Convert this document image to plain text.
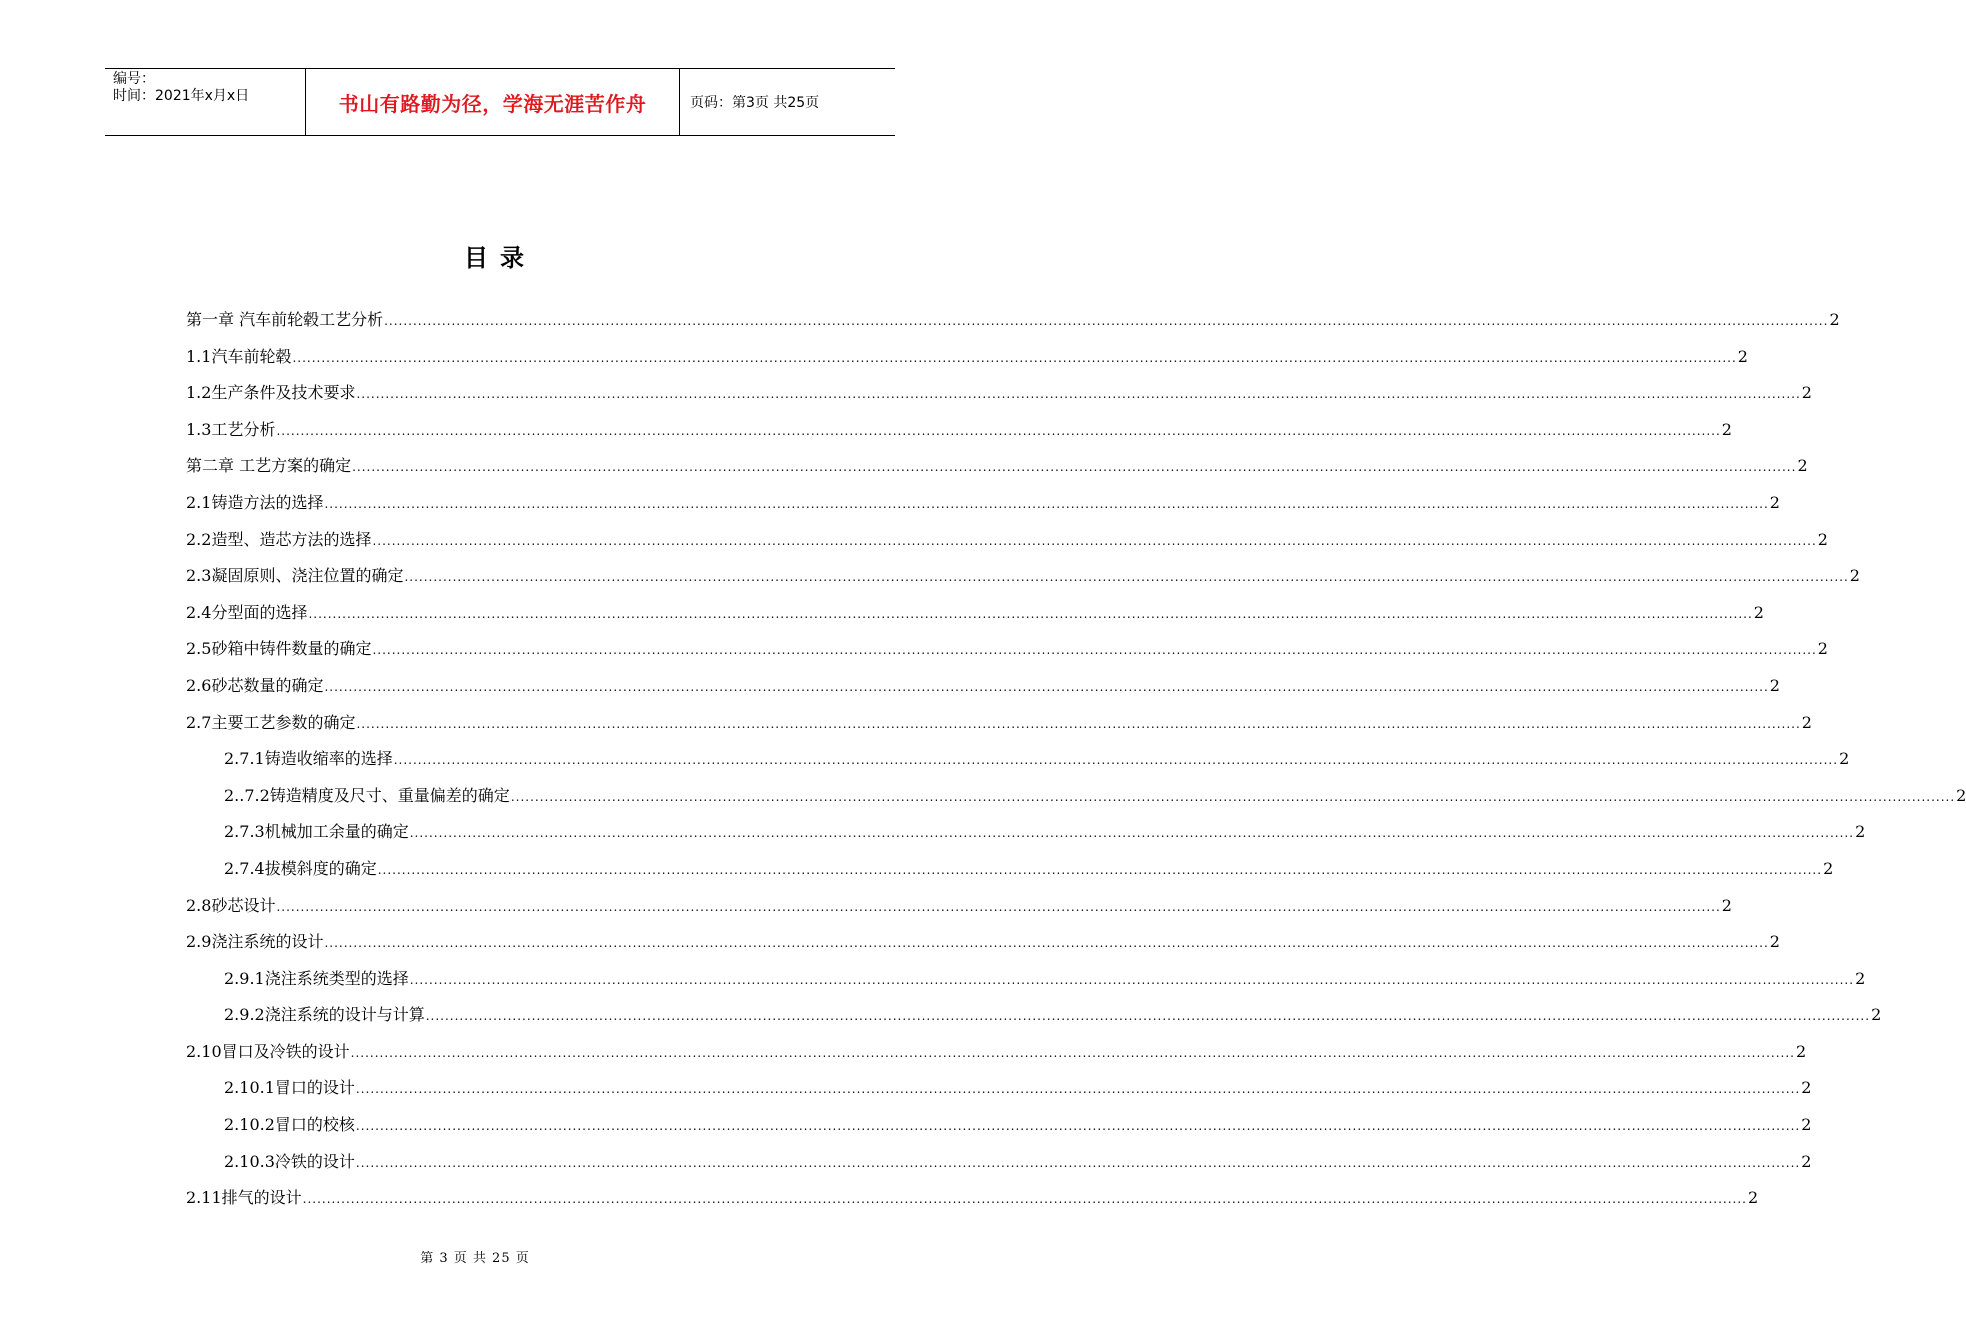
编号：
时间：2021年x月x日	书山有路勤为径，学海无涯苦作舟	页码：第3页 共25页
目录
第一章 汽车前轮毂工艺分析 ............................................................................................................................................................................................................................................................................................................ 2
1.1汽车前轮毂 ............................................................................................................................................................................................................................................................................................................ 2
1.2生产条件及技术要求 ............................................................................................................................................................................................................................................................................................................ 2
1.3工艺分析 ............................................................................................................................................................................................................................................................................................................ 2
第二章 工艺方案的确定 ............................................................................................................................................................................................................................................................................................................ 2
2.1铸造方法的选择 ............................................................................................................................................................................................................................................................................................................ 2
2.2造型、造芯方法的选择 ............................................................................................................................................................................................................................................................................................................ 2
2.3凝固原则、浇注位置的确定 ............................................................................................................................................................................................................................................................................................................ 2
2.4分型面的选择 ............................................................................................................................................................................................................................................................................................................ 2
2.5砂箱中铸件数量的确定 ............................................................................................................................................................................................................................................................................................................ 2
2.6砂芯数量的确定 ............................................................................................................................................................................................................................................................................................................ 2
2.7主要工艺参数的确定 ............................................................................................................................................................................................................................................................................................................ 2
2.7.1铸造收缩率的选择 ............................................................................................................................................................................................................................................................................................................ 2
2..7.2铸造精度及尺寸、重量偏差的确定 ............................................................................................................................................................................................................................................................................................................ 2
2.7.3机械加工余量的确定 ............................................................................................................................................................................................................................................................................................................ 2
2.7.4拔模斜度的确定 ............................................................................................................................................................................................................................................................................................................ 2
2.8砂芯设计 ............................................................................................................................................................................................................................................................................................................ 2
2.9浇注系统的设计 ............................................................................................................................................................................................................................................................................................................ 2
2.9.1浇注系统类型的选择 ............................................................................................................................................................................................................................................................................................................ 2
2.9.2浇注系统的设计与计算 ............................................................................................................................................................................................................................................................................................................ 2
2.10冒口及冷铁的设计 ............................................................................................................................................................................................................................................................................................................ 2
2.10.1冒口的设计 ............................................................................................................................................................................................................................................................................................................ 2
2.10.2冒口的校核 ............................................................................................................................................................................................................................................................................................................ 2
2.10.3冷铁的设计 ............................................................................................................................................................................................................................................................................................................ 2
2.11排气的设计 ............................................................................................................................................................................................................................................................................................................ 2
第 3 页 共 25 页
